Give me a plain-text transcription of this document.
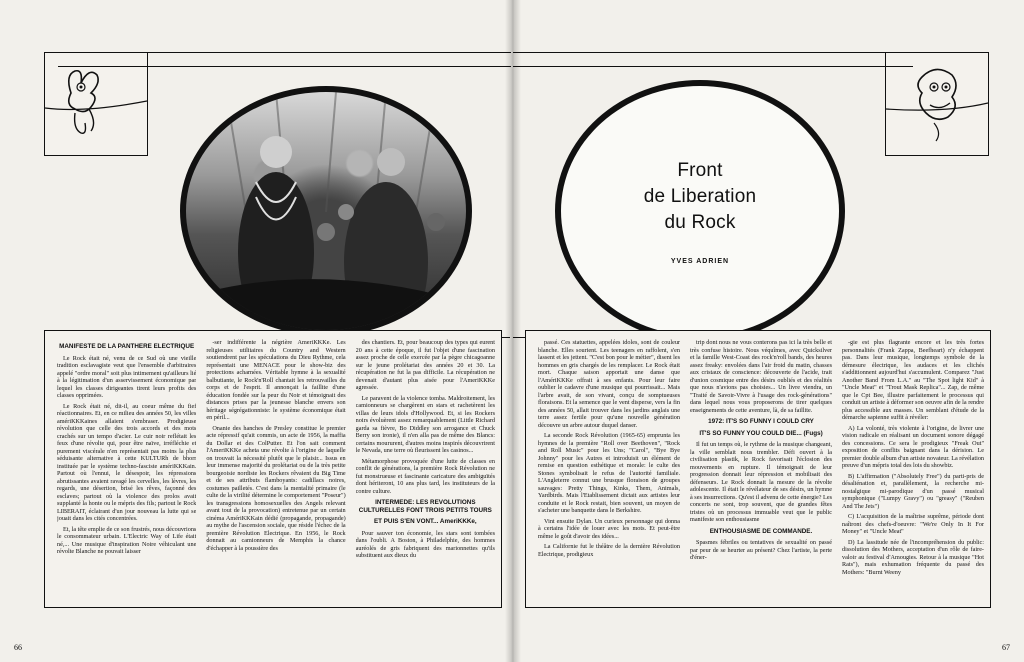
MANIFESTE DE LA PANTHERE ELECTRIQUE

Le Rock était né, venu de ce Sud où une vieille tradition esclavagiste veut que l'ensemble d'arbitraires appelé "ordre moral" soit plus intimement qu'ailleurs lié à la légitimation d'un asservissement économique par lequel les classes dirigeantes tirent leurs profits des classes opprimées.

Le Rock était né, dit-il, au coeur même du fief réactionnaires. Et, en ce milieu des années 50, les villes amériKKKaines allaient s'embraser. Prodigieuse révolution que celle des trois accords et des mots crachés sur un tempo d'acier. Le cuir noir reflétait les feux d'une révolte qui, pour être naïve, irréfléchie et purement viscérale n'en représentait pas moins la plus séduisante alternative à cette KULTURh de bhorr instituée par le système techno-fasciste amériKKKain. Partout où l'ennui, le désespoir, les répressions abrutissantes avaient ravagé les cervelles, les lèvres, les regards, une désertion, brisé les rêves, façonné des esclaves; partout où la violence des prolos avait supplanté la honte ou le mépris des fils; partout le Rock LIBERAIT, éclairant d'un jour nouveau la lutte qui se jouait dans les cités concentrées.

Et, la tête emplie de ce son frustrés, nous découvrions le consommateur urbain. L'Electric Way of Life était né,... Une musique d'inspiration Noire véhiculant une révolte Blanche ne pouvait laisser

-ser indifférente la négrière AmeriKKKe. Les religieuses utilitaires du Country and Western soutiendrent par les spéculations du Dieu Rythme, cela représentait une MENACE pour le show-biz des protections acharnées. Véritable hymne à la sexualité balbutiante, le Rock'n'Roll chantait les retrouvailles du corps et de l'esprit. Il annonçait la faillite d'une éducation fondée sur la peur du Noir et témoignait des distances prises par la jeunesse blanche envers son héritage ségrégationniste: le système économique était en péril...

Onanie des hanches de Presley constitue le premier acte répressif qu'ait commis, un acte de 1956, la maffia du Dollar et des ColPutter. Et l'on sait comment l'AmeriKKKe acheta une révolte à l'origine de laquelle on trouvait la nécessité plutôt que le plaisir... Issus en leur immense majorité du prolétariat ou de la très petite bourgeoisie nordiste les Rockers rêvaient du Big Time et de ses attributs flamboyants: cadillacs noires, costumes pailletés. C'est dans la mentalité primaire (le culte de la virilité détermine le comportement "Poseur") les transgressions homosexuelles des Angels relevant avant tout de la provocation) entretenue par un certain cinéma AmériKKKain dédié (propagande, propagande) au mythe de l'ascension sociale, que réside l'échec de la première Révolution Electrique. En 1956, le Rock donnait au camionneurs de Memphis la chance d'échapper à la poussière des

des chantiers. Et, pour beaucoup des types qui eurent 20 ans à cette époque, il fut l'objet d'une fascination assez proche de celle exercée par la pègre chicagoanne sur le jeune prolétariat des années 20 et 30. La récupération ne fut la pas difficile. La récupération ne devenait d'autant plus aisée pour l'AmeriKKKe agressée.

Le paravent de la violence tomba. Maldroitement, les camionneurs se chargèrent en stars et rachetèrent les villas de leurs idols d'Hollywood. Et, si les Rockers noirs évoluèrent assez remarquablement (Little Richard garda sa fièvre, Bo Diddley son arrogance et Chuck Berry son ironie), il n'en alla pas de même des Blancs: certains moururent, d'autres moins inspirés découvrirent le Nevada, une terre où fleurissent les casinos...

Métamorphose provoquée d'une lutte de classes en conflit de générations, la première Rock Révolution ne fut monstrueuse et fascinante caricature des ambiguïtés dont hériteront, 10 ans plus tard, les instituteurs de la contre culture.

INTERMEDE: LES REVOLUTIONS CULTURELLES FONT TROIS PETITS TOURS
ET PUIS S'EN VONT... AmeriKKKe,

Pour sauver ton économie, les stars sont tombées dans l'oubli. A Boston, à Philadelphie, des hommes auréolés de gris fabriquent des marionnettes qu'ils substituent aux dieux du

66
Front
de Liberation
du Rock
YVES ADRIEN

passé. Ces statuettes, appelées idoles, sont de couleur blanche. Elles sourient. Les teenagers en raffolent, s'en lassent et les jettent. "C'est bon pour le métier", disent les hommes en gris chargés de les remplacer. Le Rock était mort. Chaque saison apportait une danse que l'AmériKKKe offrait à ses enfants. Pour leur faire oublier le cadavre d'une musique qui pourrissait... Mais l'arbre avait, de son vivant, conçu de somptueuses floraisons. Et la semence que le vent disperse, vers la fin des années 50, allait trouver dans les jardins anglais une terre assez fertile pour qu'une nouvelle génération découvre un arbre autour duquel danser.

La seconde Rock Révolution (1965-65) emprunta les hymnes de la première "Roll over Beethoven", "Rock and Roll Music" pour les Uns; "Carol", "Bye Bye Johnny" pour les Autres et introduisit un élément de remise en question esthétique et morale: le culte des Stones symbolisait le refus de l'autorité familiale. L'Angleterre connut une brusque floraison de groupes sauvages: Pretty Things, Kinks, Them, Animals, Yardbirds. Mais l'Etablissement dictait aux artistes leur conduite et le Rock restait, bien souvent, un moyen de s'acheter une banquette dans le Berkshire.

Vint ensuite Dylan. Un curieux personnage qui donna à certains l'idée de louer avec les mots. Et peut-être même le goût d'avoir des idées...

La Californie fut le théâtre de la dernière Révolution Electrique, prodigieux

trip dont nous ne vous conterons pas ici la très belle et très confuse histoire. Nous véquîmes, avec Quicksilver et la famille West-Coast des rock'n'roll bands, des heures assez freaky: envolées dans l'air froid du matin, chasses aux cristaux de conscience: découverte de l'acide, trait d'union cosmique entre des désirs oubliés et des réalités que nous n'avions pas choisies... Un livre viendra, un "Traité de Savoir-Vivre à l'usage des rock-générations" dans lequel nous vous proposerons de tirer quelques enseignements de cette aventure, là, de sa faillite.

1972: IT'S SO FUNNY I COULD CRY
IT'S SO FUNNY YOU COULD DIE... (Fugs)

Il fut un temps où, le rythme de la musique changeant, la ville semblait nous trembler. Défi ouvert à la civilisation plastik, le Rock favorisait l'éclosion des mouvements en rupture. Il témoignait de leur progression donnait leur répression et mobilisait des défenseurs. Le Rock donnait la mesure de la révolte adolescente. Il était le révélateur de ses désirs, un hymne à ses insurrections. Qu'est il advenu de cette énergie? Les concerts ne sont, trop souvent, que de grandes fêtes tristes où un processus immuable veut que le public manifeste son enthousiasme

ENTHOUSIASME DE COMMANDE.

Spasmes fébriles ou tentatives de sexualité on passé par peur de se heurter au présent? Chez l'artiste, la perte d'éner-

-gie est plus flagrante encore et les très fortes personnalités (Frank Zappa, Beefheart) n'y échappent pas. Dans leur musique, longtemps symbole de la démesure électrique, les audaces et les clichés s'additionnent aujourd'hui s'accumulent. Comparez "Just Another Band From L.A." au "The Spot light Kid" à "Uncle Meat" et "Trout Mask Replica"... Zap, de même que le Cpt Bee, illustre parfaitement le processus qui conduit un artiste à déformer son oeuvre afin de la rendre plus accessible aux masses. Un semblant d'étude de la démarche sapienne suffit à révéler:

A) La volonté, très violente à l'origine, de livrer une vision radicale en réalisant un document sonore dégagé des concessions. Ce sera le prodigieux "Freak Out" exposition de conflits baignant dans la dérision. Le premier double album d'un artiste novateur. La révélation preuve d'un mépris total des lois du showbiz.

B) L'affirmation ("Absolutely Free") du parti-pris de désaliénation et, parallèlement, la recherche mi-nostalgique mi-parodique d'un passé musical symphonique ("Lumpy Gravy") ou "greasy" ("Reuben And The Jets")

C) L'acquisition de la maîtrise suprême, période dont naîtront des chefs-d'oeuvre: "We're Only In It For Money" et "Uncle Meat"

D) La lassitude née de l'incompréhension du public: dissolution des Mothers, acceptation d'un rôle de faire-valoir au festival d'Amougies. Retour à la musique "Hot Rats"), mais exhumation fréquente du passé des Mothers: "Burnt Weeny

67
